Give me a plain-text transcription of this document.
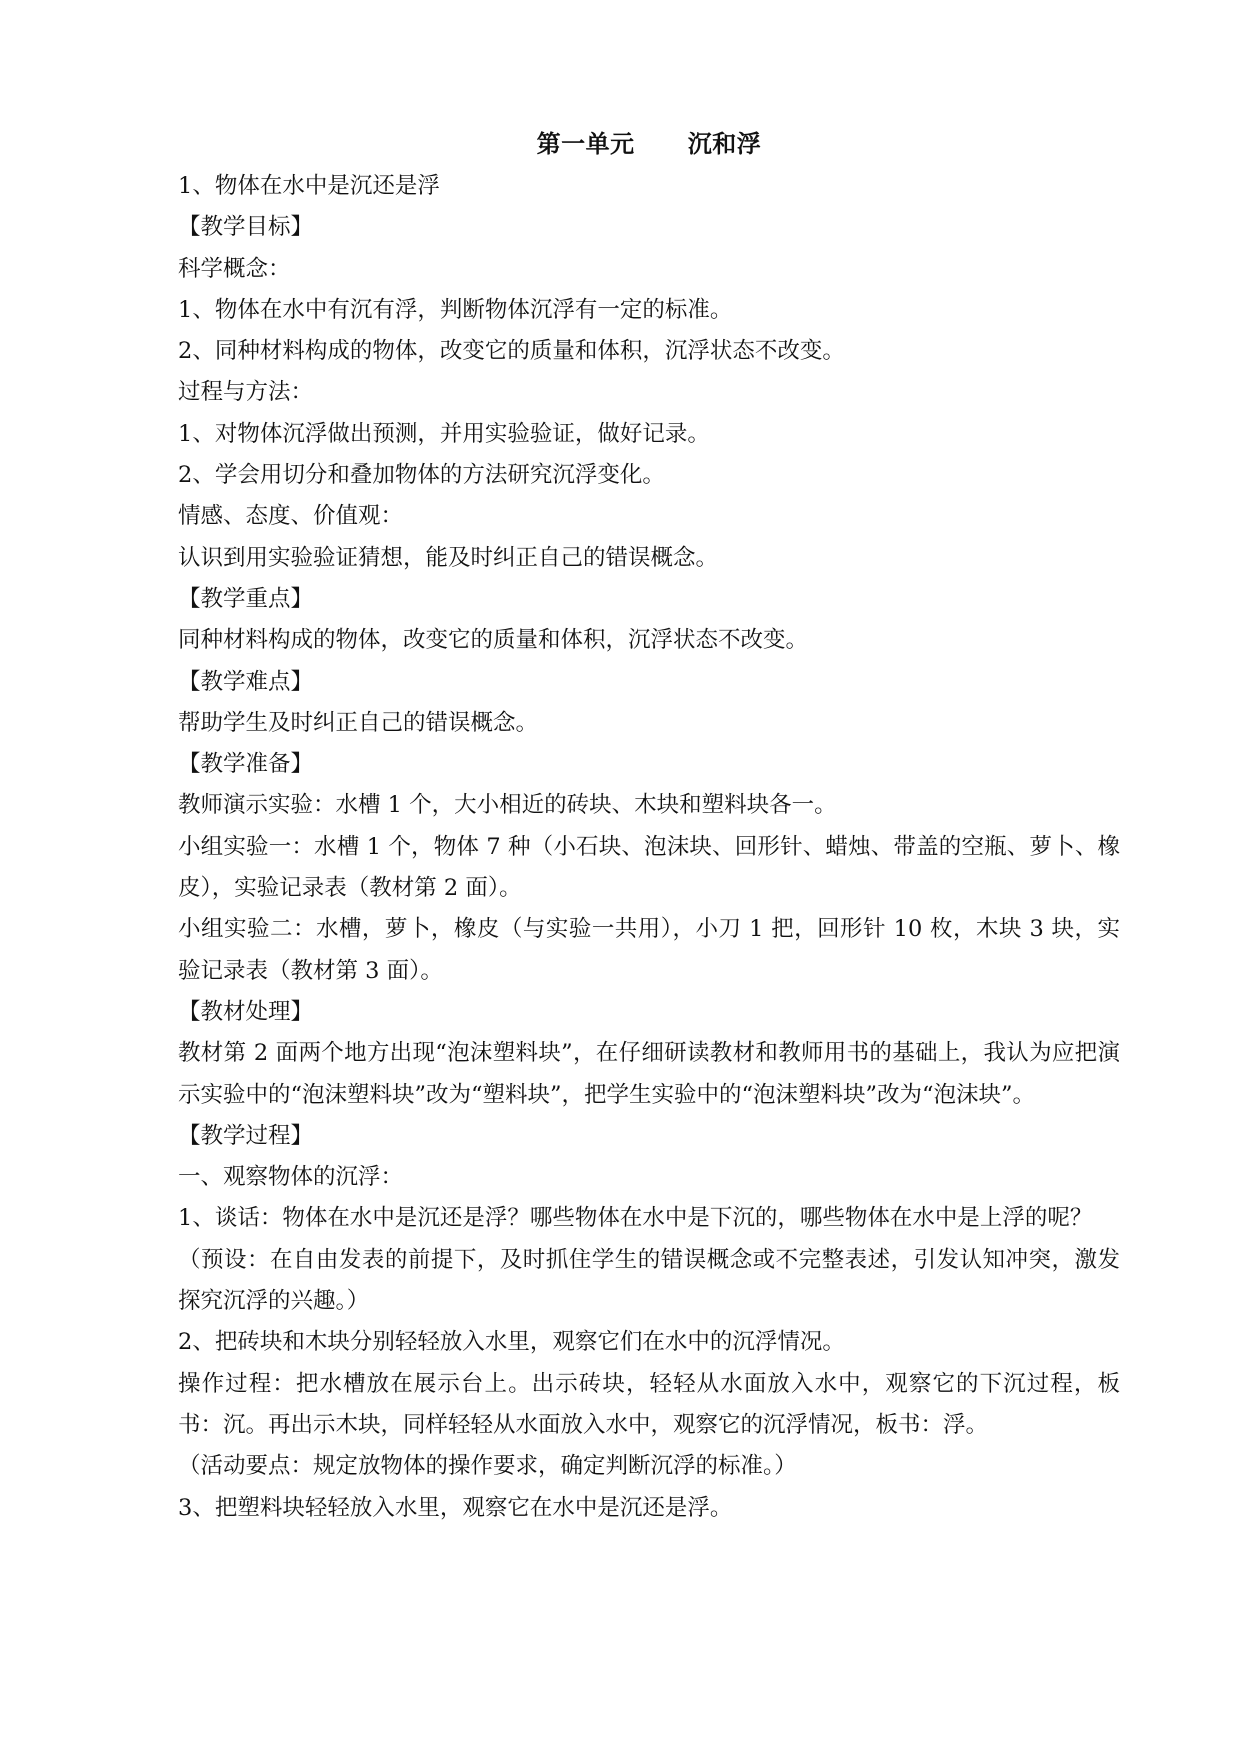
第一单元      沉和浮
1、物体在水中是沉还是浮
【教学目标】
科学概念：
1、物体在水中有沉有浮，判断物体沉浮有一定的标准。
2、同种材料构成的物体，改变它的质量和体积，沉浮状态不改变。
过程与方法：
1、对物体沉浮做出预测，并用实验验证，做好记录。
2、学会用切分和叠加物体的方法研究沉浮变化。
情感、态度、价值观：
认识到用实验验证猜想，能及时纠正自己的错误概念。
【教学重点】
同种材料构成的物体，改变它的质量和体积，沉浮状态不改变。
【教学难点】
帮助学生及时纠正自己的错误概念。
【教学准备】
教师演示实验：水槽 1 个，大小相近的砖块、木块和塑料块各一。
小组实验一：水槽 1 个，物体 7 种（小石块、泡沫块、回形针、蜡烛、带盖的空瓶、萝卜、橡皮），实验记录表（教材第 2 面）。
小组实验二：水槽，萝卜，橡皮（与实验一共用），小刀 1 把，回形针 10 枚，木块 3 块，实验记录表（教材第 3 面）。
【教材处理】
教材第 2 面两个地方出现“泡沫塑料块”，在仔细研读教材和教师用书的基础上，我认为应把演示实验中的“泡沫塑料块”改为“塑料块”，把学生实验中的“泡沫塑料块”改为“泡沫块”。
【教学过程】
一、观察物体的沉浮：
1、谈话：物体在水中是沉还是浮？哪些物体在水中是下沉的，哪些物体在水中是上浮的呢？
（预设：在自由发表的前提下，及时抓住学生的错误概念或不完整表述，引发认知冲突，激发探究沉浮的兴趣。）
2、把砖块和木块分别轻轻放入水里，观察它们在水中的沉浮情况。
操作过程：把水槽放在展示台上。出示砖块，轻轻从水面放入水中，观察它的下沉过程，板书：沉。再出示木块，同样轻轻从水面放入水中，观察它的沉浮情况，板书：浮。
（活动要点：规定放物体的操作要求，确定判断沉浮的标准。）
3、把塑料块轻轻放入水里，观察它在水中是沉还是浮。
